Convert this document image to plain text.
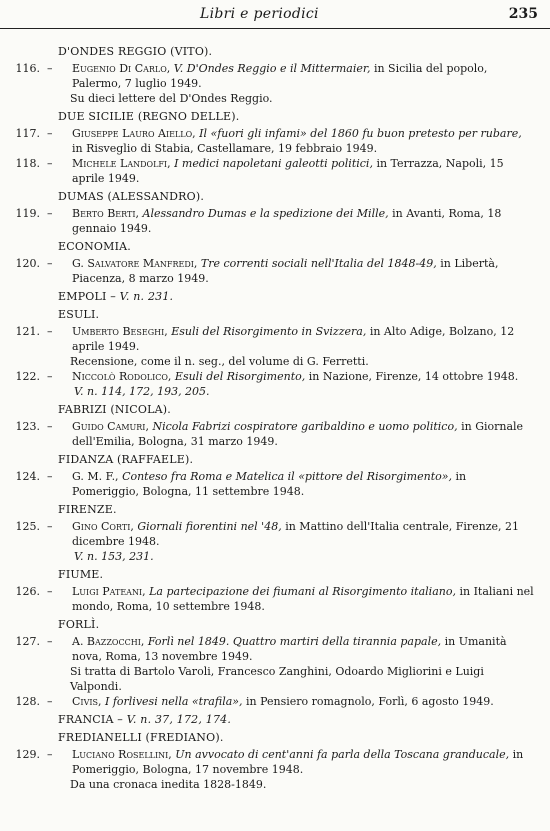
Libri e periodici	235
D'ONDES REGGIO (VITO).
116. – Eugenio Di Carlo, V. D'Ondes Reggio e il Mittermaier, in Sicilia del popolo, Palermo, 7 luglio 1949.
Su dieci lettere del D'Ondes Reggio.
DUE SICILIE (REGNO DELLE).
117. – Giuseppe Lauro Aiello, Il «fuori gli infami» del 1860 fu buon pretesto per rubare, in Risveglio di Stabia, Castellamare, 19 febbraio 1949.
118. – Michele Landolfi, I medici napoletani galeotti politici, in Terrazza, Napoli, 15 aprile 1949.
DUMAS (ALESSANDRO).
119. – Berto Berti, Alessandro Dumas e la spedizione dei Mille, in Avanti, Roma, 18 gennaio 1949.
ECONOMIA.
120. – G. Salvatore Manfredi, Tre correnti sociali nell'Italia del 1848-49, in Libertà, Piacenza, 8 marzo 1949.
EMPOLI – V. n. 231.
ESULI.
121. – Umberto Beseghi, Esuli del Risorgimento in Svizzera, in Alto Adige, Bolzano, 12 aprile 1949.
Recensione, come il n. seg., del volume di G. Ferretti.
122. – Niccolò Rodolico, Esuli del Risorgimento, in Nazione, Firenze, 14 ottobre 1948.
V. n. 114, 172, 193, 205.
FABRIZI (NICOLA).
123. – Guido Camuri, Nicola Fabrizi cospiratore garibaldino e uomo politico, in Giornale dell'Emilia, Bologna, 31 marzo 1949.
FIDANZA (RAFFAELE).
124. – G. M. F., Conteso fra Roma e Matelica il «pittore del Risorgimento», in Pomeriggio, Bologna, 11 settembre 1948.
FIRENZE.
125. – Gino Corti, Giornali fiorentini nel '48, in Mattino dell'Italia centrale, Firenze, 21 dicembre 1948.
V. n. 153, 231.
FIUME.
126. – Luigi Pateani, La partecipazione dei fiumani al Risorgimento italiano, in Italiani nel mondo, Roma, 10 settembre 1948.
FORLÌ.
127. – A. Bazzocchi, Forlì nel 1849. Quattro martiri della tirannia papale, in Umanità nova, Roma, 13 novembre 1949.
Si tratta di Bartolo Varoli, Francesco Zanghini, Odoardo Migliorini e Luigi Valpondi.
128. – Civis, I forlivesi nella «trafila», in Pensiero romagnolo, Forlì, 6 agosto 1949.
FRANCIA – V. n. 37, 172, 174.
FREDIANELLI (FREDIANO).
129. – Luciano Rosellini, Un avvocato di cent'anni fa parla della Toscana granducale, in Pomeriggio, Bologna, 17 novembre 1948.
Da una cronaca inedita 1828-1849.
